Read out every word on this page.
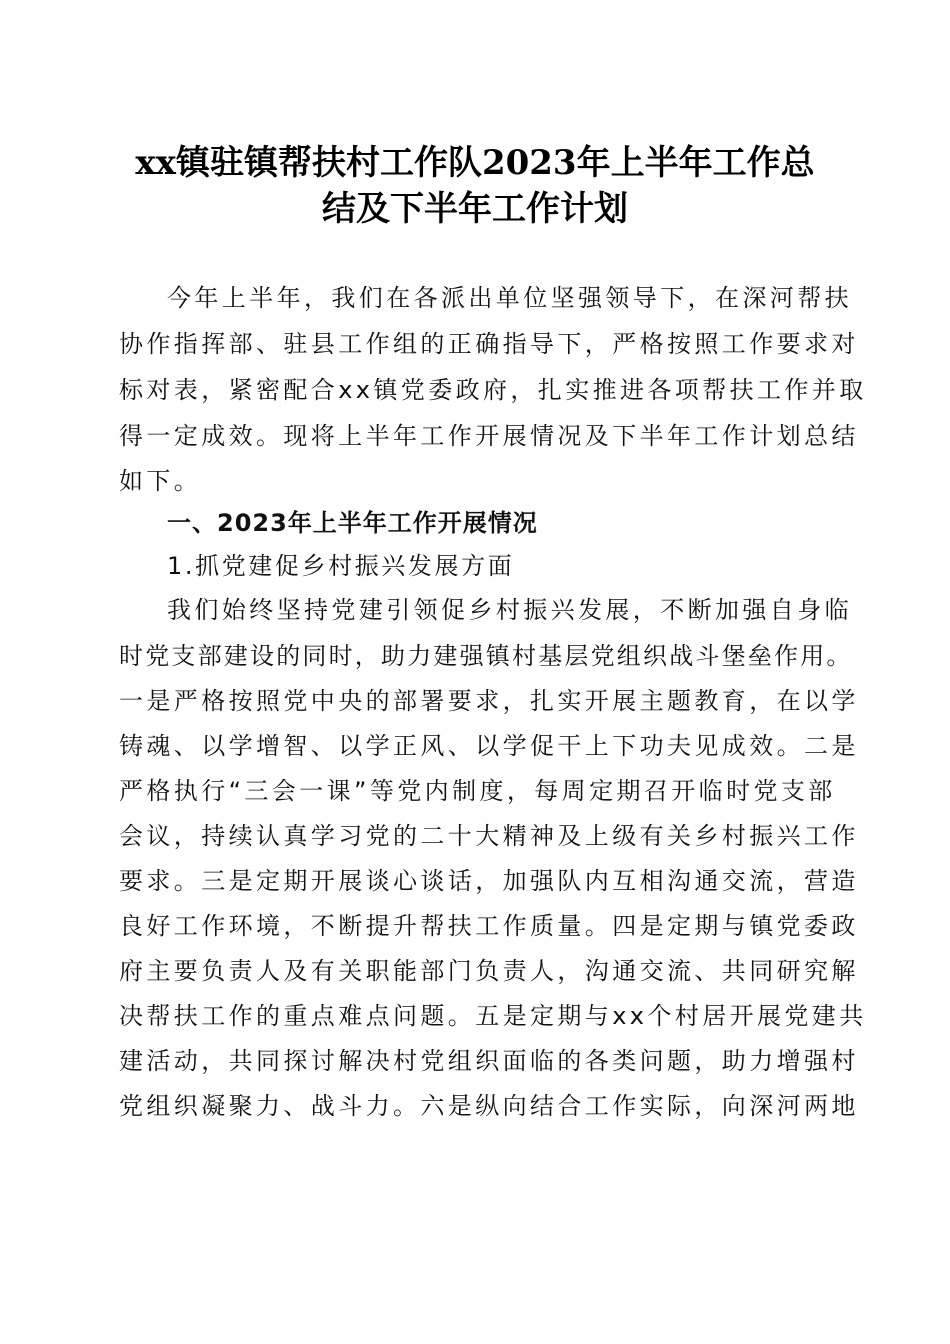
xx镇驻镇帮扶村工作队2023年上半年工作总
结及下半年工作计划
今年上半年，我们在各派出单位坚强领导下，在深河帮扶
协作指挥部、驻县工作组的正确指导下，严格按照工作要求对
标对表，紧密配合xx镇党委政府，扎实推进各项帮扶工作并取
得一定成效。现将上半年工作开展情况及下半年工作计划总结
如下。
一、2023年上半年工作开展情况
1.抓党建促乡村振兴发展方面
我们始终坚持党建引领促乡村振兴发展，不断加强自身临
时党支部建设的同时，助力建强镇村基层党组织战斗堡垒作用。
一是严格按照党中央的部署要求，扎实开展主题教育，在以学
铸魂、以学增智、以学正风、以学促干上下功夫见成效。二是
严格执行“三会一课”等党内制度，每周定期召开临时党支部
会议，持续认真学习党的二十大精神及上级有关乡村振兴工作
要求。三是定期开展谈心谈话，加强队内互相沟通交流，营造
良好工作环境，不断提升帮扶工作质量。四是定期与镇党委政
府主要负责人及有关职能部门负责人，沟通交流、共同研究解
决帮扶工作的重点难点问题。五是定期与xx个村居开展党建共
建活动，共同探讨解决村党组织面临的各类问题，助力增强村
党组织凝聚力、战斗力。六是纵向结合工作实际，向深河两地
